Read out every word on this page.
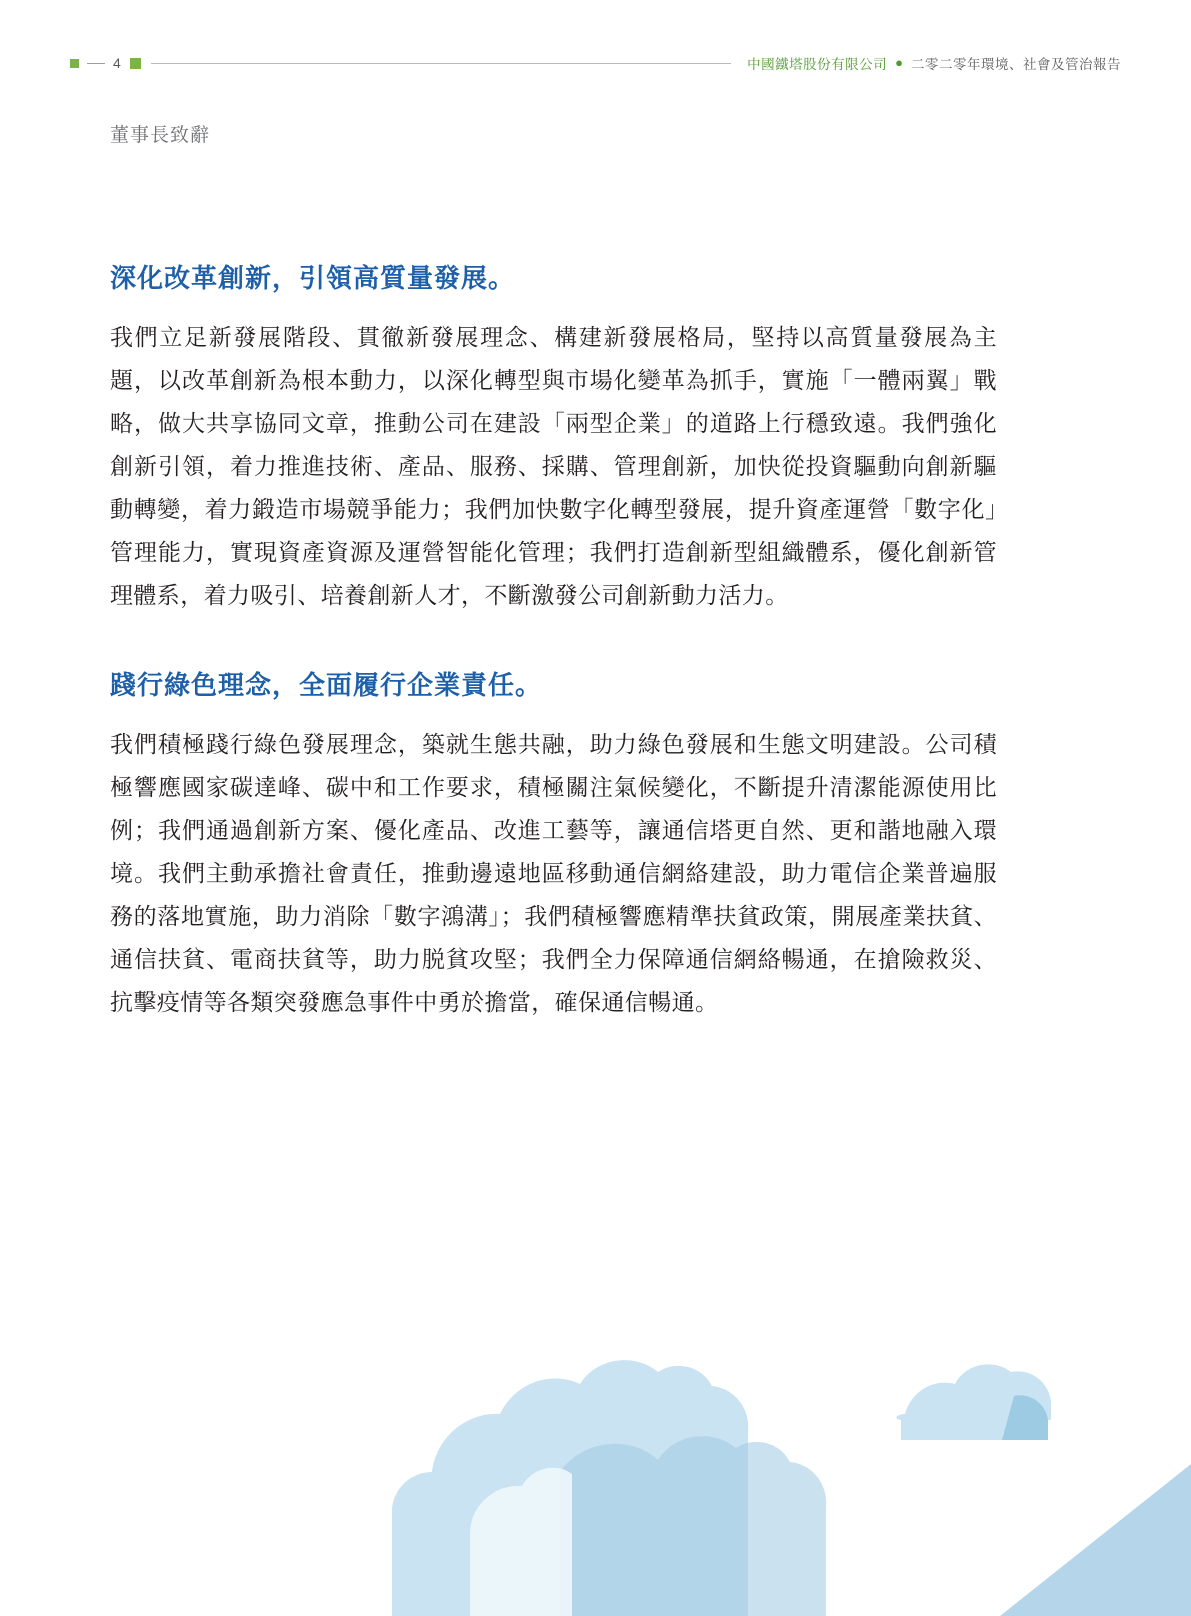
4	中國鐵塔股份有限公司 ● 二零二零年環境、社會及管治報告
董事長致辭
深化改革創新，引領高質量發展。

我們立足新發展階段、貫徹新發展理念、構建新發展格局，堅持以高質量發展為主題，以改革創新為根本動力，以深化轉型與市場化變革為抓手，實施「一體兩翼」戰略，做大共享協同文章，推動公司在建設「兩型企業」的道路上行穩致遠。我們強化創新引領，着力推進技術、產品、服務、採購、管理創新，加快從投資驅動向創新驅動轉變，着力鍛造市場競爭能力；我們加快數字化轉型發展，提升資產運營「數字化」管理能力，實現資產資源及運營智能化管理；我們打造創新型組織體系，優化創新管理體系，着力吸引、培養創新人才，不斷激發公司創新動力活力。

踐行綠色理念，全面履行企業責任。

我們積極踐行綠色發展理念，築就生態共融，助力綠色發展和生態文明建設。公司積極響應國家碳達峰、碳中和工作要求，積極關注氣候變化，不斷提升清潔能源使用比例；我們通過創新方案、優化產品、改進工藝等，讓通信塔更自然、更和諧地融入環境。我們主動承擔社會責任，推動邊遠地區移動通信網絡建設，助力電信企業普遍服務的落地實施，助力消除「數字鴻溝」；我們積極響應精準扶貧政策，開展產業扶貧、通信扶貧、電商扶貧等，助力脱貧攻堅；我們全力保障通信網絡暢通，在搶險救災、抗擊疫情等各類突發應急事件中勇於擔當，確保通信暢通。
